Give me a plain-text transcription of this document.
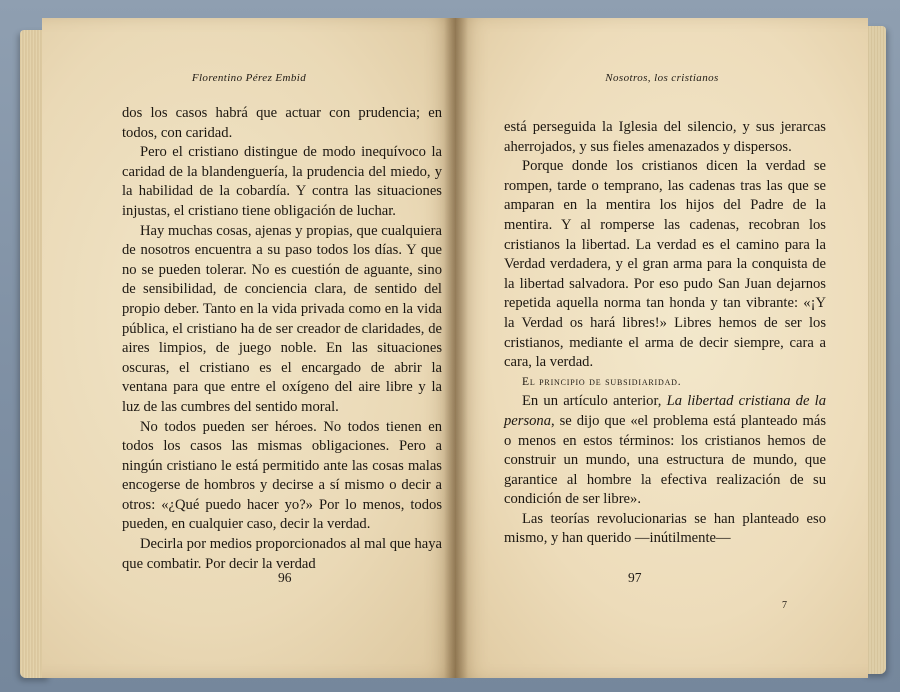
Florentino Pérez Embid

dos los casos habrá que actuar con prudencia; en todos, con caridad.

Pero el cristiano distingue de modo inequívoco la caridad de la blandenguería, la prudencia del miedo, y la habilidad de la cobardía. Y contra las situaciones injustas, el cristiano tiene obligación de luchar.

Hay muchas cosas, ajenas y propias, que cualquiera de nosotros encuentra a su paso todos los días. Y que no se pueden tolerar. No es cuestión de aguante, sino de sensibilidad, de conciencia clara, de sentido del propio deber. Tanto en la vida privada como en la vida pública, el cristiano ha de ser creador de claridades, de aires limpios, de juego noble. En las situaciones oscuras, el cristiano es el encargado de abrir la ventana para que entre el oxígeno del aire libre y la luz de las cumbres del sentido moral.

No todos pueden ser héroes. No todos tienen en todos los casos las mismas obligaciones. Pero a ningún cristiano le está permitido ante las cosas malas encogerse de hombros y decirse a sí mismo o decir a otros: «¿Qué puedo hacer yo?» Por lo menos, todos pueden, en cualquier caso, decir la verdad.

Decirla por medios proporcionados al mal que haya que combatir. Por decir la verdad

96
Nosotros, los cristianos

está perseguida la Iglesia del silencio, y sus jerarcas aherrojados, y sus fieles amenazados y dispersos.

Porque donde los cristianos dicen la verdad se rompen, tarde o temprano, las cadenas tras las que se amparan en la mentira los hijos del Padre de la mentira. Y al romperse las cadenas, recobran los cristianos la libertad. La verdad es el camino para la Verdad verdadera, y el gran arma para la conquista de la libertad salvadora. Por eso pudo San Juan dejarnos repetida aquella norma tan honda y tan vibrante: «¡Y la Verdad os hará libres!» Libres hemos de ser los cristianos, mediante el arma de decir siempre, cara a cara, la verdad.

El principio de subsidiaridad.

En un artículo anterior, La libertad cristiana de la persona, se dijo que «el problema está planteado más o menos en estos términos: los cristianos hemos de construir un mundo, una estructura de mundo, que garantice al hombre la efectiva realización de su condición de ser libre».

Las teorías revolucionarias se han planteado eso mismo, y han querido —inútilmente—

97
7
